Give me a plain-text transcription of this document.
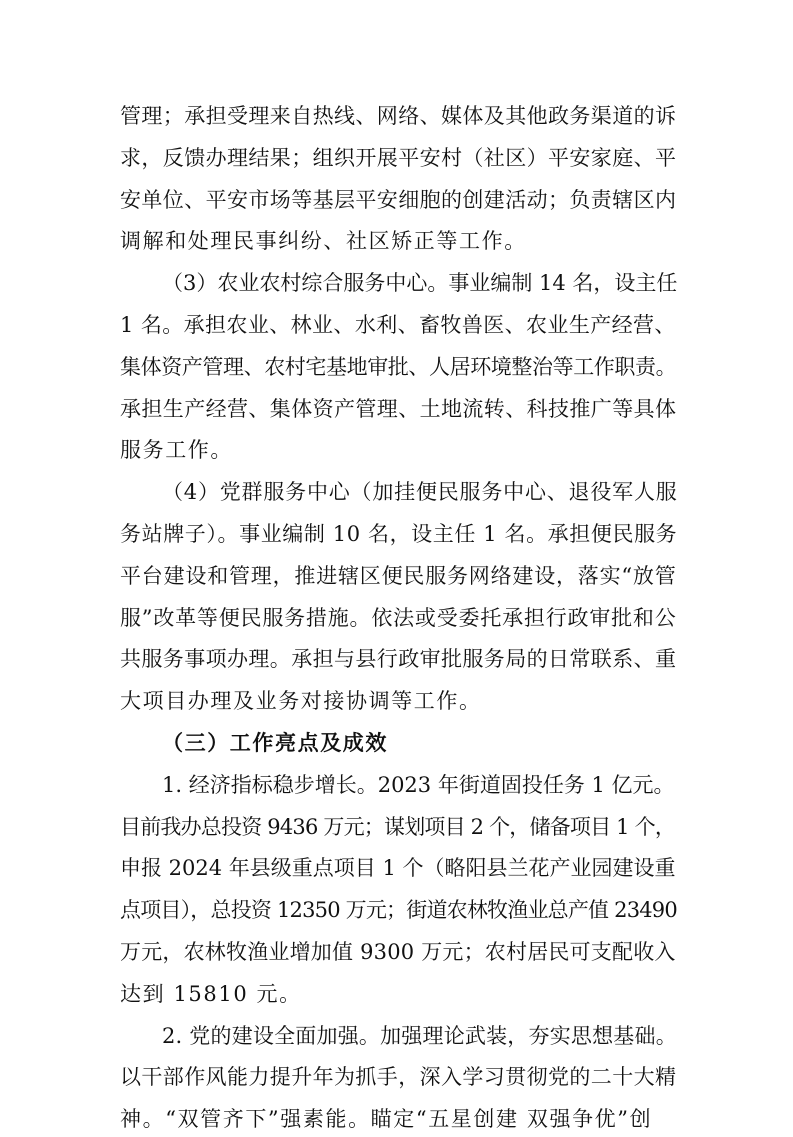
管理；承担受理来自热线、网络、媒体及其他政务渠道的诉
求，反馈办理结果；组织开展平安村（社区）平安家庭、平
安单位、平安市场等基层平安细胞的创建活动；负责辖区内
调解和处理民事纠纷、社区矫正等工作。
（3）农业农村综合服务中心。事业编制 14 名，设主任
1 名。承担农业、林业、水利、畜牧兽医、农业生产经营、
集体资产管理、农村宅基地审批、人居环境整治等工作职责。
承担生产经营、集体资产管理、土地流转、科技推广等具体
服务工作。
（4）党群服务中心（加挂便民服务中心、退役军人服
务站牌子）。事业编制 10 名，设主任 1 名。承担便民服务
平台建设和管理，推进辖区便民服务网络建设，落实“放管
服”改革等便民服务措施。依法或受委托承担行政审批和公
共服务事项办理。承担与县行政审批服务局的日常联系、重
大项目办理及业务对接协调等工作。
（三）工作亮点及成效
1. 经济指标稳步增长。2023 年街道固投任务 1 亿元。
目前我办总投资 9436 万元；谋划项目 2 个，储备项目 1 个，
申报 2024 年县级重点项目 1 个（略阳县兰花产业园建设重
点项目），总投资 12350 万元；街道农林牧渔业总产值 23490
万元，农林牧渔业增加值 9300 万元；农村居民可支配收入
达到 15810 元。
2. 党的建设全面加强。加强理论武装，夯实思想基础。
以干部作风能力提升年为抓手，深入学习贯彻党的二十大精
神。“双管齐下”强素能。瞄定“五星创建 双强争优”创
